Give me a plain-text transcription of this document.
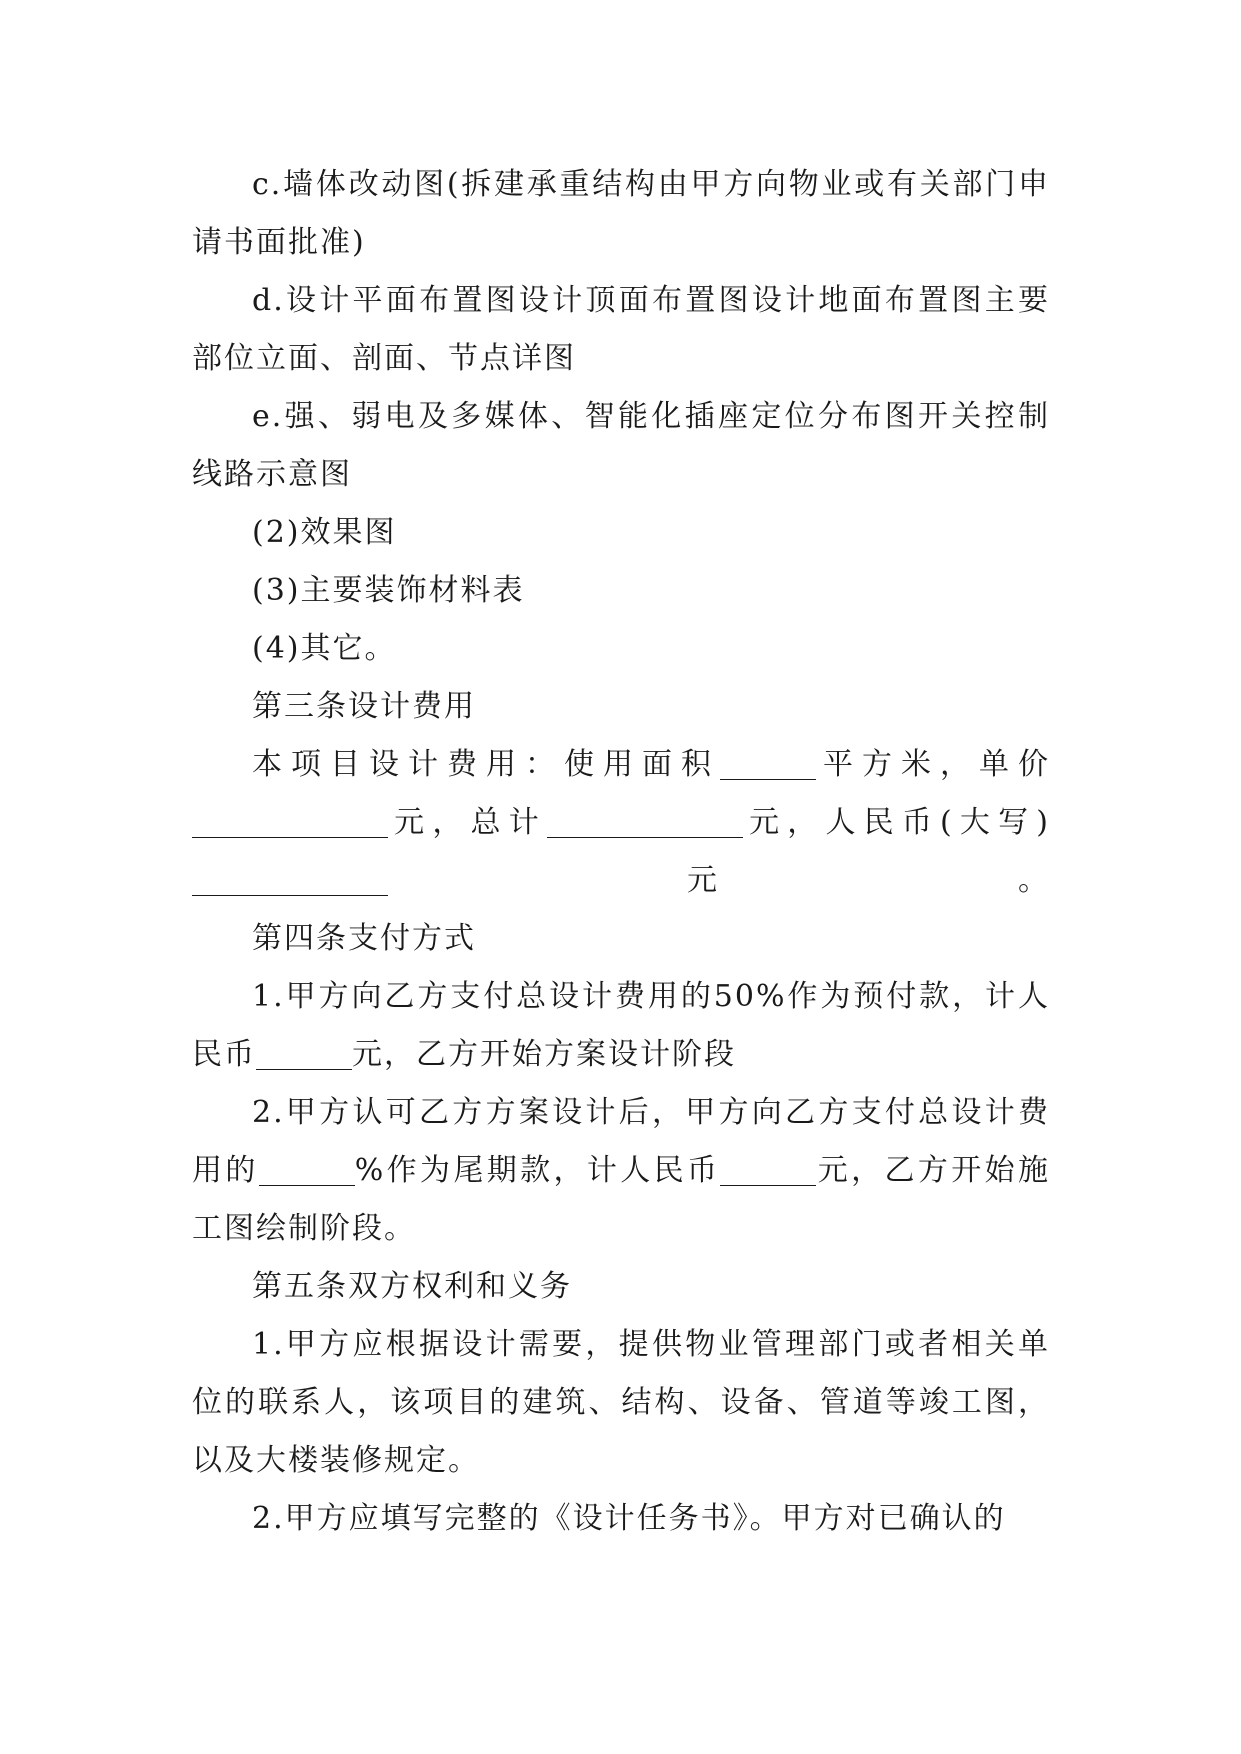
c.墙体改动图(拆建承重结构由甲方向物业或有关部门申请书面批准)

d.设计平面布置图设计顶面布置图设计地面布置图主要部位立面、剖面、节点详图

e.强、弱电及多媒体、智能化插座定位分布图开关控制线路示意图

(2)效果图

(3)主要装饰材料表

(4)其它。

第三条设计费用

本项目设计费用：使用面积	平方米，单价元，总计	元，人民币(大写)元。

第四条支付方式

1.甲方向乙方支付总设计费用的50%作为预付款，计人民币	元，乙方开始方案设计阶段

2.甲方认可乙方方案设计后，甲方向乙方支付总设计费用的	%作为尾期款，计人民币	元，乙方开始施工图绘制阶段。

第五条双方权利和义务

1.甲方应根据设计需要，提供物业管理部门或者相关单位的联系人，该项目的建筑、结构、设备、管道等竣工图，以及大楼装修规定。

2.甲方应填写完整的《设计任务书》。甲方对已确认的
